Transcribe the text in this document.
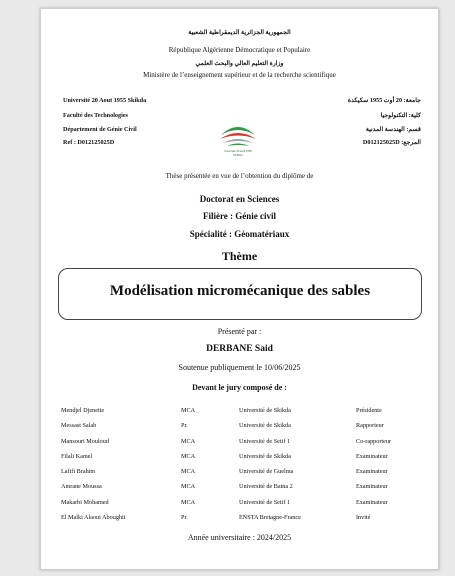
الجمهورية الجزائرية الديمقراطية الشعبية
République Algérienne Démocratique et Populaire
وزارة التعليم العالي والبحث العلمي
Ministère de l’enseignement supérieur et de la recherche scientifique
Université 20 Aout 1955 Skikda
Faculté des Technologies
Département de Génie Civil
Ref : D012125025D
جامعة: 20 أوت 1955 سكيكدة
كلية: التكنولوجيا
قسم: الهندسة المدنية
D012125025D :المرجع
Université 20 Août 1955
SKIKDA
Thèse présentée en vue de l’obtention du diplôme de
Doctorat en Sciences
Filière : Génie civil
Spécialité : Géomatériaux
Thème
Modélisation micromécanique des sables
Présenté par :
DERBANE Said
Soutenue publiquement le 10/06/2025
Devant le jury composé de :
Mendjel Djenette	MCA	Université de Skikda	Présidente
Messast Salah	Pr.	Université de Skikda	Rapporteur
Mansouri Mouloud	MCA	Université de Setif 1	Co-rapporteur
Filali Kamel	MCA	Université de Skikda	Examinateur
Lafifi Brahim	MCA	Université de Guelma	Examinateur
Amrane Moussa	MCA	Université de Batna 2	Examinateur
Makarbi Mohamed	MCA	Université de Setif 1	Examinateur
El Malki Alaoui Aboughit	Pr.	ENSTA Bretagne-France	Invité
Année universitaire : 2024/2025
